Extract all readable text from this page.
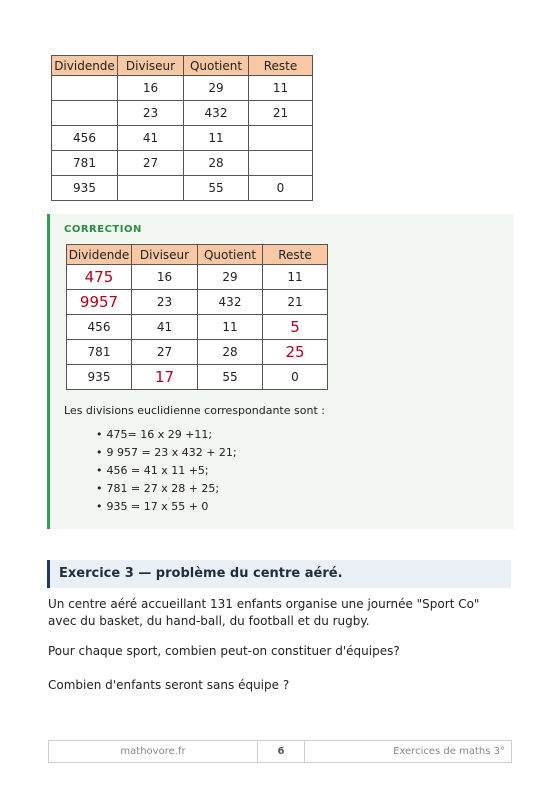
Dividende	Diviseur	Quotient	Reste
	16	29	11
	23	432	21
456	41	11	
781	27	28	
935		55	0
CORRECTION
Dividende	Diviseur	Quotient	Reste
475	16	29	11
9957	23	432	21
456	41	11	5
781	27	28	25
935	17	55	0
Les divisions euclidienne correspondante sont :
• 475= 16 x 29 +11;
• 9 957 = 23 x 432 + 21;
• 456 = 41 x 11 +5;
• 781 = 27 x 28 + 25;
• 935 = 17 x 55 + 0
Exercice 3 — problème du centre aéré.

Un centre aéré accueillant 131 enfants organise une journée "Sport Co" avec du basket, du hand-ball, du football et du rugby.

Pour chaque sport, combien peut-on constituer d'équipes?

Combien d'enfants seront sans équipe ?

mathovore.fr	6	Exercices de maths 3°
